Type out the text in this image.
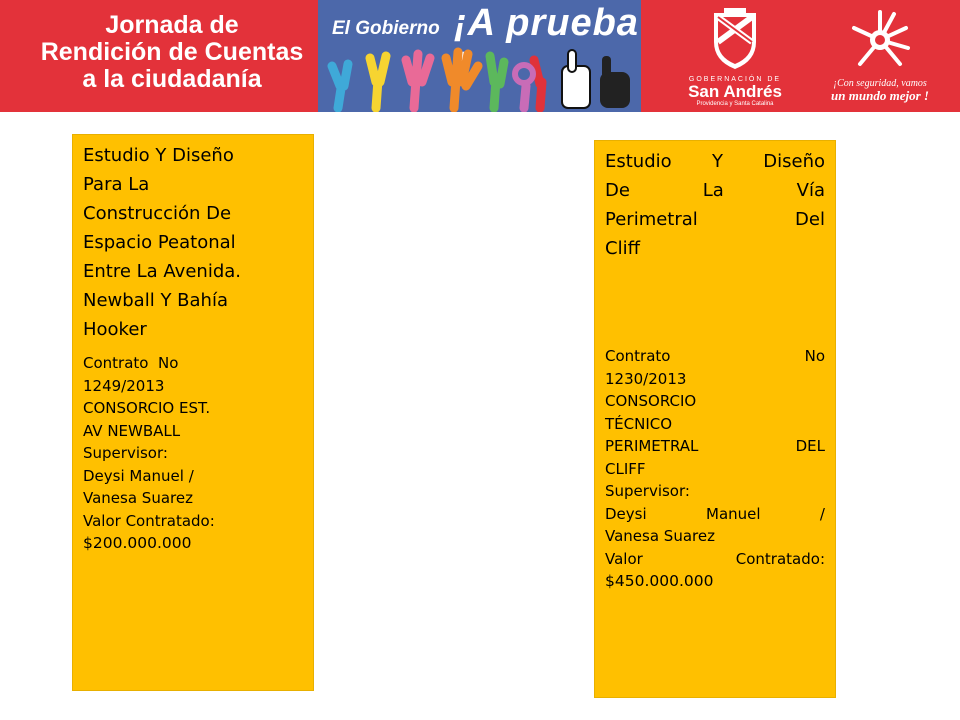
Jornada de
Rendición de Cuentas
a la ciudadanía
El Gobierno ¡A prueba !	GOBERNACIÓN DE
San Andrés
Providencia y Santa Catalina
¡Con seguridad, vamos
un mundo mejor !
Estudio Y Diseño
Para La
Construcción De
Espacio Peatonal
Entre La Avenida.
Newball Y Bahía
Hooker
Contrato  No
1249/2013
CONSORCIO EST.
AV NEWBALL
Supervisor:
Deysi Manuel /
Vanesa Suarez
Valor Contratado:
$200.000.000
Estudio Y Diseño
De La Vía
Perimetral Del
Cliff
Contrato No
1230/2013
CONSORCIO
TÉCNICO
PERIMETRAL DEL
CLIFF
Supervisor:
Deysi Manuel /
Vanesa Suarez
Valor Contratado:
$450.000.000
